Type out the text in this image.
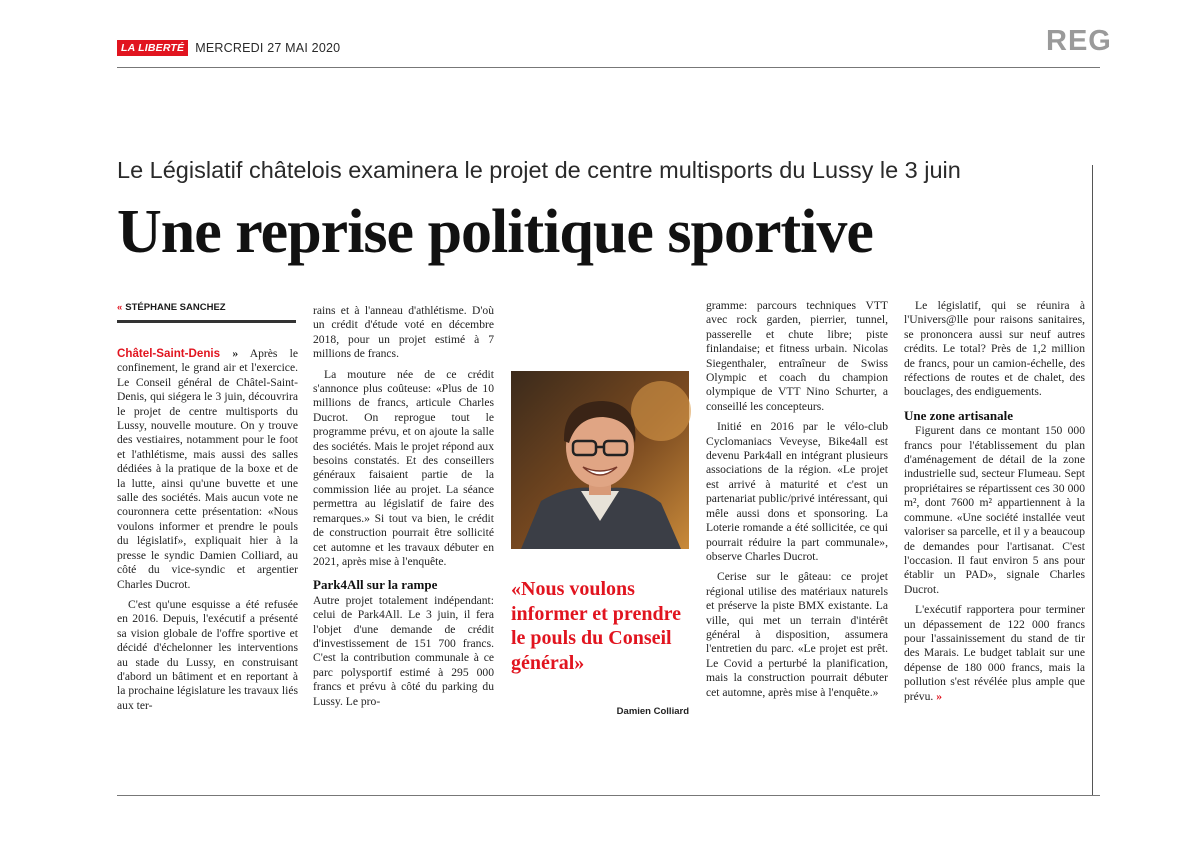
LA LIBERTÉ MERCREDI 27 MAI 2020	REG
Le Législatif châtelois examinera le projet de centre multisports du Lussy le 3 juin
Une reprise politique sportive
« STÉPHANE SANCHEZ

Châtel-Saint-Denis » Après le confinement, le grand air et l'exercice. Le Conseil général de Châtel-Saint-Denis, qui siégera le 3 juin, découvrira le projet de centre multisports du Lussy, nouvelle mouture. On y trouve des vestiaires, notamment pour le foot et l'athlétisme, mais aussi des salles dédiées à la pratique de la boxe et de la lutte, ainsi qu'une buvette et une salle des sociétés. Mais aucun vote ne couronnera cette présentation: «Nous voulons informer et prendre le pouls du législatif», expliquait hier à la presse le syndic Damien Colliard, au côté du vice-syndic et argentier Charles Ducrot.

C'est qu'une esquisse a été refusée en 2016. Depuis, l'exécutif a présenté sa vision globale de l'offre sportive et décidé d'échelonner les interventions au stade du Lussy, en construisant d'abord un bâtiment et en reportant à la prochaine législature les travaux liés aux ter-

rains et à l'anneau d'athlétisme. D'où un crédit d'étude voté en décembre 2018, pour un projet estimé à 7 millions de francs.

La mouture née de ce crédit s'annonce plus coûteuse: «Plus de 10 millions de francs, articule Charles Ducrot. On reprogue tout le programme prévu, et on ajoute la salle des sociétés. Mais le projet répond aux besoins constatés. Et des conseillers généraux faisaient partie de la commission liée au projet. La séance permettra au législatif de faire des remarques.» Si tout va bien, le crédit de construction pourrait être sollicité cet automne et les travaux débuter en 2021, après mise à l'enquête.

Park4All sur la rampe

Autre projet totalement indépendant: celui de Park4All. Le 3 juin, il fera l'objet d'une demande de crédit d'investissement de 151 700 francs. C'est la contribution communale à ce parc polysportif estimé à 295 000 francs et prévu à côté du parking du Lussy. Le pro-

«Nous voulons informer et prendre le pouls du Conseil général»
Damien Colliard

gramme: parcours techniques VTT avec rock garden, pierrier, tunnel, passerelle et chute libre; piste finlandaise; et fitness urbain. Nicolas Siegenthaler, entraîneur de Swiss Olympic et coach du champion olympique de VTT Nino Schurter, a conseillé les concepteurs.

Initié en 2016 par le vélo-club Cyclomaniacs Veveyse, Bike4all est devenu Park4all en intégrant plusieurs associations de la région. «Le projet est arrivé à maturité et c'est un partenariat public/privé intéressant, qui mêle aussi dons et sponsoring. La Loterie romande a été sollicitée, ce qui pourrait réduire la part communale», observe Charles Ducrot.

Cerise sur le gâteau: ce projet régional utilise des matériaux naturels et préserve la piste BMX existante. La ville, qui met un terrain d'intérêt général à disposition, assumera l'entretien du parc. «Le projet est prêt. Le Covid a perturbé la planification, mais la construction pourrait débuter cet automne, après mise à l'enquête.»

Le législatif, qui se réunira à l'Univers@lle pour raisons sanitaires, se prononcera aussi sur neuf autres crédits. Le total? Près de 1,2 million de francs, pour un camion-échelle, des réfections de routes et de chalet, des bouclages, des endiguements.

Une zone artisanale

Figurent dans ce montant 150 000 francs pour l'établissement du plan d'aménagement de détail de la zone industrielle sud, secteur Flumeau. Sept propriétaires se répartissent ces 30 000 m², dont 7600 m² appartiennent à la commune. «Une société installée veut valoriser sa parcelle, et il y a beaucoup de demandes pour l'artisanat. C'est l'occasion. Il faut environ 5 ans pour établir un PAD», signale Charles Ducrot.

L'exécutif rapportera pour terminer un dépassement de 122 000 francs pour l'assainissement du stand de tir des Marais. Le budget tablait sur une dépense de 180 000 francs, mais la pollution s'est révélée plus ample que prévu. »
